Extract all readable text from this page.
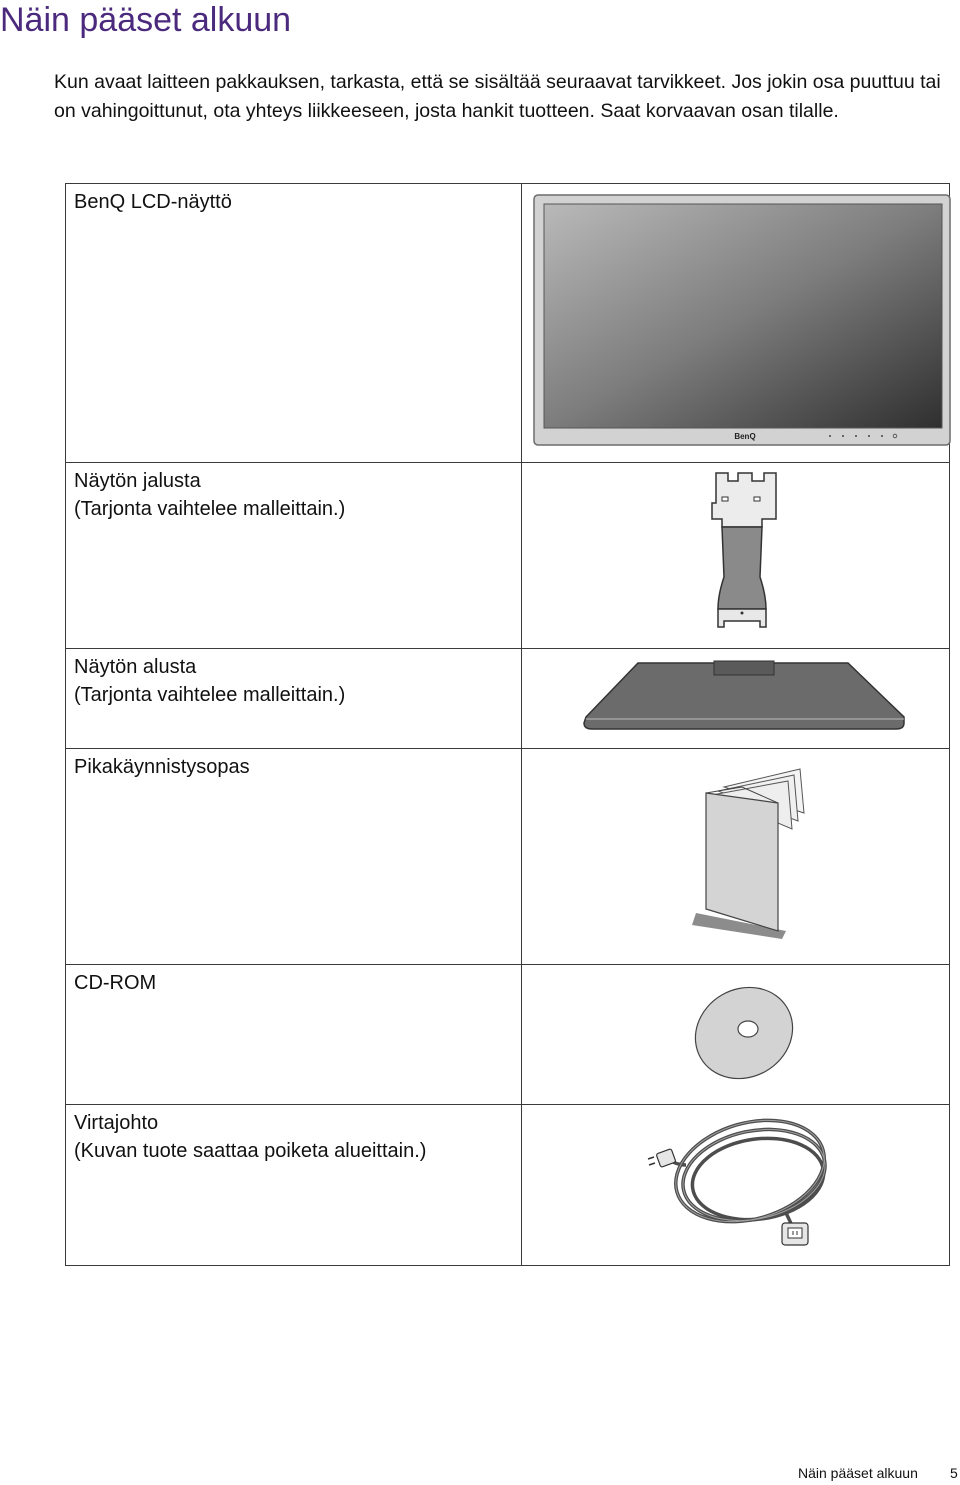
Näin pääset alkuun

Kun avaat laitteen pakkauksen, tarkasta, että se sisältää seuraavat tarvikkeet. Jos jokin osa puuttuu tai on vahingoittunut, ota yhteys liikkeeseen, josta hankit tuotteen. Saat korvaavan osan tilalle.

BenQ LCD-näyttö	BenQ

Näytön jalusta
(Tarjonta vaihtelee malleittain.)

Näytön alusta
(Tarjonta vaihtelee malleittain.)

Pikakäynnistysopas

CD-ROM

Virtajohto
(Kuvan tuote saattaa poiketa alueittain.)

Näin pääset alkuun 5
